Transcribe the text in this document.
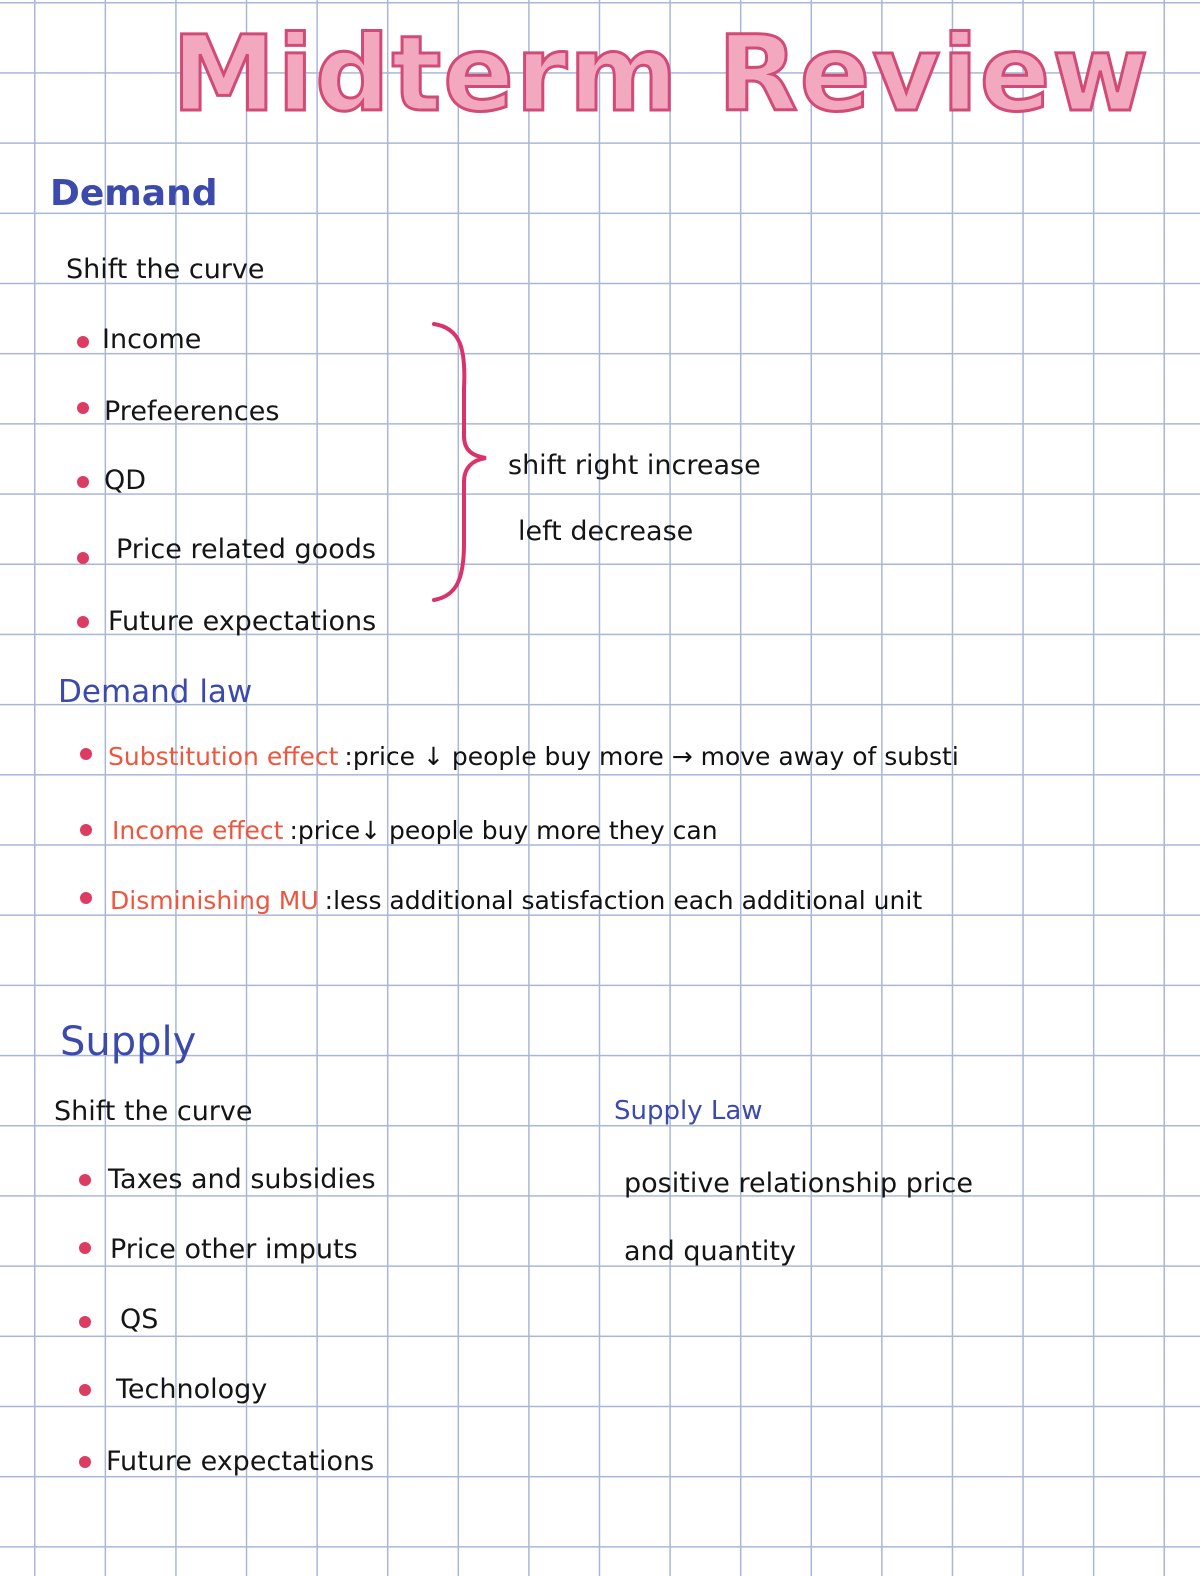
Midterm Review
Demand
Shift the curve
Income
Prefeerences
QD
Price related goods
Future expectations
shift right increase
left decrease
Demand law
Substitution effect :price ↓ people buy more → move away of substi
Income effect :price↓ people buy more they can
Disminishing MU :less additional satisfaction each additional unit
Supply
Shift the curve
Taxes and subsidies
Price other imputs
QS
Technology
Future expectations
Supply Law
positive relationship price
and quantity
